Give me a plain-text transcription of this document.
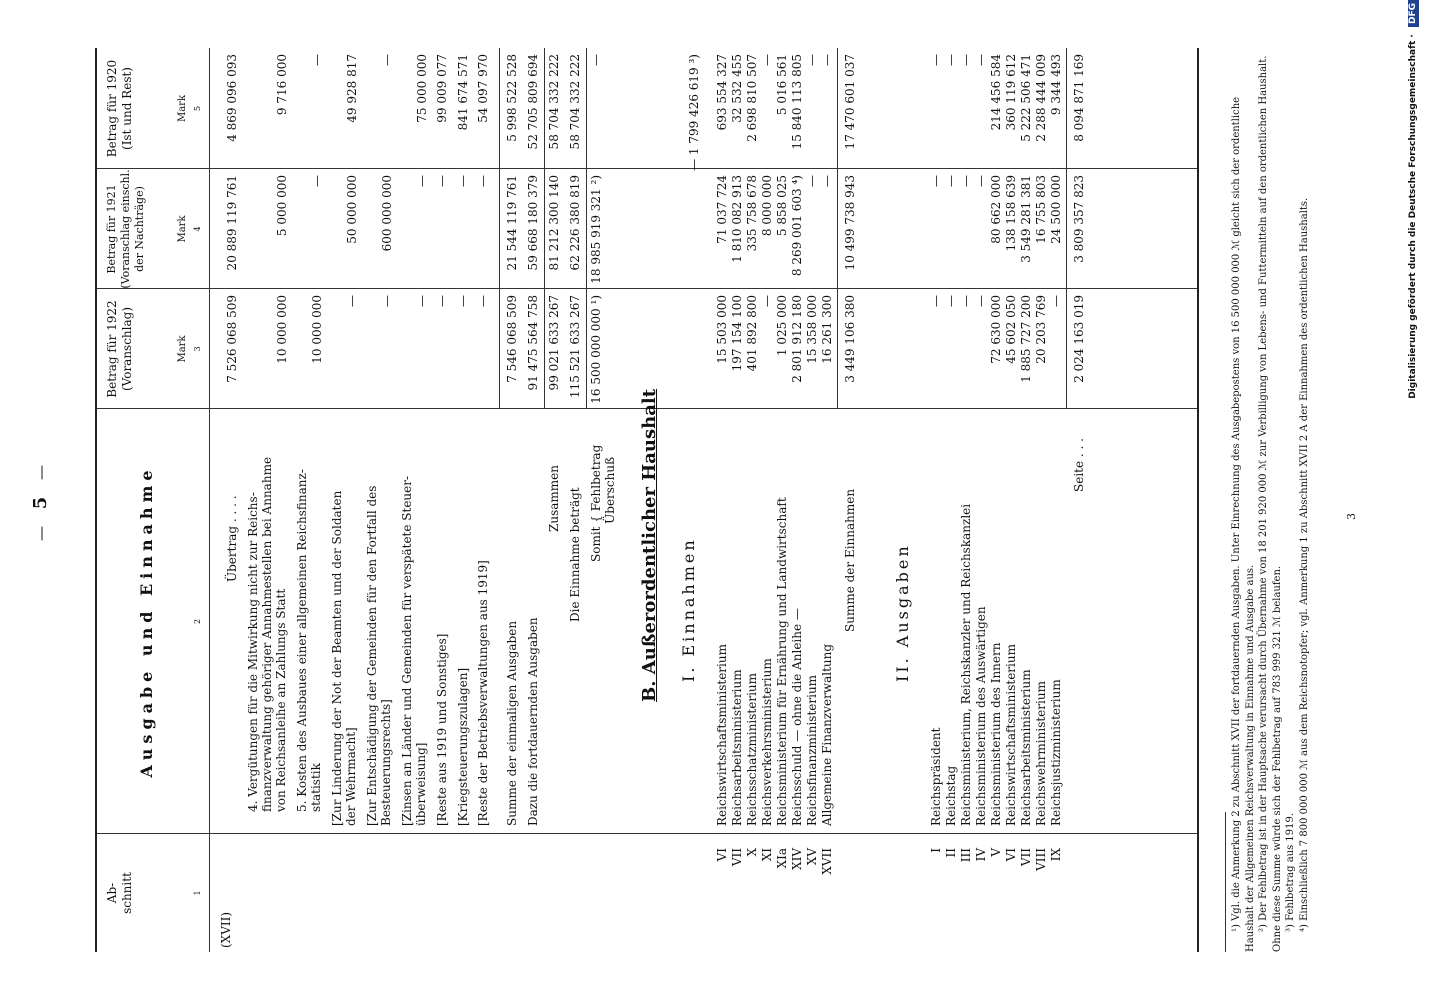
— 5 —
Ab-
schnitt
Ausgabe und Einnahme
Betrag für 1922
(Voranschlag)
Betrag für 1921
(Voranschlag einschl.
der Nachträge)
Betrag für 1920
(Ist und Rest)
Mark
Mark
Mark
1
2
3
4
5
(XVII)
Übertrag . . . .
7 526 068 509
20 889 119 761
4 869 096 093
4. Vergütungen für die Mitwirkung nicht zur Reichs-
finanzverwaltung gehöriger Annahmestellen bei Annahme
von Reichsanleihe an Zahlungs Statt
10 000 000
5 000 000
9 716 000
5. Kosten des Ausbaues einer allgemeinen Reichsfinanz-
statistik
10 000 000
—
—
[Zur Linderung der Not der Beamten und der Soldaten
der Wehrmacht]
—
50 000 000
49 928 817
[Zur Entschädigung der Gemeinden für den Fortfall des
Besteuerungsrechts]
—
600 000 000
—
[Zinsen an Länder und Gemeinden für verspätete Steuer-
überweisung]
—
—
75 000 000
[Reste aus 1919 und Sonstiges]
—
—
99 009 077
[Kriegsteuerungszulagen]
—
—
841 674 571
[Reste der Betriebsverwaltungen aus 1919]
—
—
54 097 970
Summe der einmaligen Ausgaben
7 546 068 509
21 544 119 761
5 998 522 528
Dazu die fortdauernden Ausgaben
91 475 564 758
59 668 180 379
52 705 809 694
Zusammen
99 021 633 267
81 212 300 140
58 704 332 222
Die Einnahme beträgt
115 521 633 267
62 226 380 819
58 704 332 222
Somit { Fehlbetrag
Überschuß
16 500 000 000 ¹)
18 985 919 321 ²)
—
B. Außerordentlicher Haushalt I. Einnahmen
— 1 799 426 619 ³)
VI
Reichswirtschaftsministerium
15 503 000
71 037 724
693 554 327
VII
Reichsarbeitsministerium
197 154 100
1 810 082 913
32 532 455
X
Reichsschatzministerium
401 892 800
335 758 678
2 698 810 507
XI
Reichsverkehrsministerium
—
8 000 000
—
XIa
Reichsministerium für Ernährung und Landwirtschaft
1 025 000
5 858 025
5 016 561
XIV
Reichsschuld — ohne die Anleihe —
2 801 912 180
8 269 001 603 ⁴)
15 840 113 805
XV
Reichsfinanzministerium
15 358 000
—
—
XVII
Allgemeine Finanzverwaltung
16 261 300
—
—
Summe der Einnahmen
3 449 106 380
10 499 738 943
17 470 601 037
II. Ausgaben
I
Reichspräsident
—
—
—
II
Reichstag
—
—
—
III
Reichsministerium, Reichskanzler und Reichskanzlei
—
—
—
IV
Reichsministerium des Auswärtigen
—
—
—
V
Reichsministerium des Innern
72 630 000
80 662 000
214 456 584
VI
Reichswirtschaftsministerium
45 602 050
138 158 639
360 119 612
VII
Reichsarbeitsministerium
1 885 727 200
3 549 281 381
5 222 506 471
VIII
Reichswehrministerium
20 203 769
16 755 803
2 288 444 009
IX
Reichsjustizministerium
—
24 500 000
9 344 493
Seite . . .
2 024 163 019
3 809 357 823
8 094 871 169	¹) Vgl. die Anmerkung 2 zu Abschnitt XVII der fortdauernden Ausgaben. Unter Einrechnung des Ausgabepostens von 16 500 000 000 ℳ gleicht sich der ordentliche Haushalt der Allgemeinen Reichsverwaltung in Einnahme und Ausgabe aus. ²) Der Fehlbetrag ist in der Hauptsache verursacht durch Übernahme von 18 201 920 000 ℳ zur Verbilligung von Lebens- und Futtermitteln auf den ordentlichen Haushalt. Ohne diese Summe würde sich der Fehlbetrag auf 783 999 321 ℳ belaufen. ³) Fehlbetrag aus 1919. ⁴) Einschließlich 7 800 000 000 ℳ aus dem Reichsnotopfer; vgl. Anmerkung 1 zu Abschnitt XVII 2 A der Einnahmen des ordentlichen Haushalts.	3
Digitalisierung gefördert durch die Deutsche Forschungsgemeinschaft · DFG
